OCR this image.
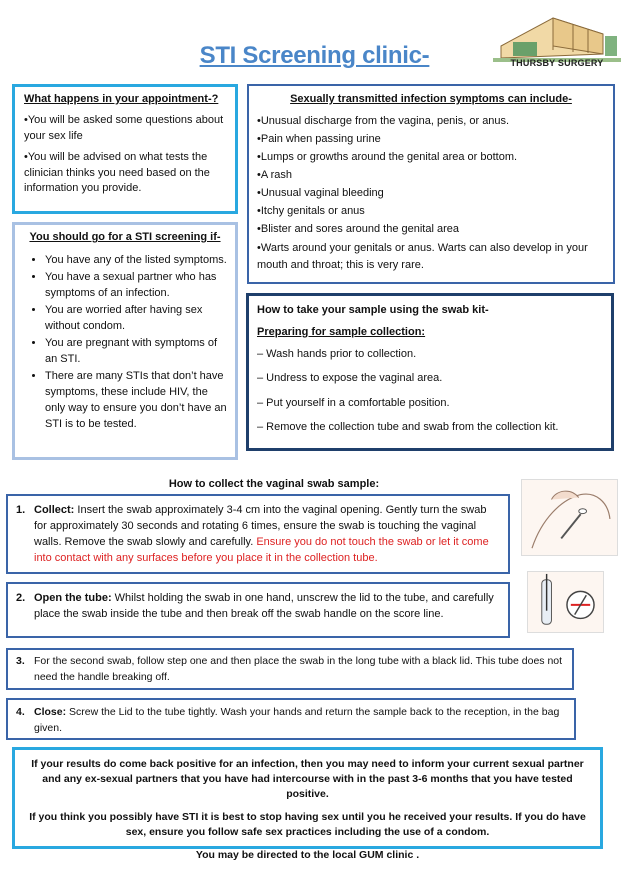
STI Screening clinic-	THURSBY SURGERY
What happens in your appointment-?
•You will be asked some questions about your sex life
•You will be advised on what tests the clinician thinks you need based on the information you provide.
Sexually transmitted infection symptoms can include-
•Unusual discharge from the vagina, penis, or anus.
•Pain when passing urine
•Lumps or growths around the genital area or bottom.
•A rash
•Unusual vaginal bleeding
•Itchy genitals or anus
•Blister and sores around the genital area
•Warts around your genitals or anus. Warts can also develop in your mouth and throat; this is very rare.
You should go for a STI screening if-
• You have any of the listed symptoms.
• You have a sexual partner who has symptoms of an infection.
• You are worried after having sex without condom.
• You are pregnant with symptoms of an STI.
• There are many STIs that don’t have symptoms, these include HIV, the only way to ensure you don’t have an STI is to be tested.
How to take your sample using the swab kit-
Preparing for sample collection:
– Wash hands prior to collection.
– Undress to expose the vaginal area.
– Put yourself in a comfortable position.
– Remove the collection tube and swab from the collection kit.
How to collect the vaginal swab sample:
1. Collect: Insert the swab approximately 3-4 cm into the vaginal opening. Gently turn the swab for approximately 30 seconds and rotating 6 times, ensure the swab is touching the vaginal walls. Remove the swab slowly and carefully. Ensure you do not touch the swab or let it come into contact with any surfaces before you place it in the collection tube.
2. Open the tube: Whilst holding the swab in one hand, unscrew the lid to the tube, and carefully place the swab inside the tube and then break off the swab handle on the score line.
3. For the second swab, follow step one and then place the swab in the long tube with a black lid. This tube does not need the handle breaking off.
4. Close: Screw the Lid to the tube tightly. Wash your hands and return the sample back to the reception, in the bag given.

If your results do come back positive for an infection, then you may need to inform your current sexual partner and any ex-sexual partners that you have had intercourse with in the past 3-6 months that you have tested positive.

If you think you possibly have STI it is best to stop having sex until you he received your results. If you do have sex, ensure you follow safe sex practices including the use of a condom.

You may be directed to the local GUM clinic .
